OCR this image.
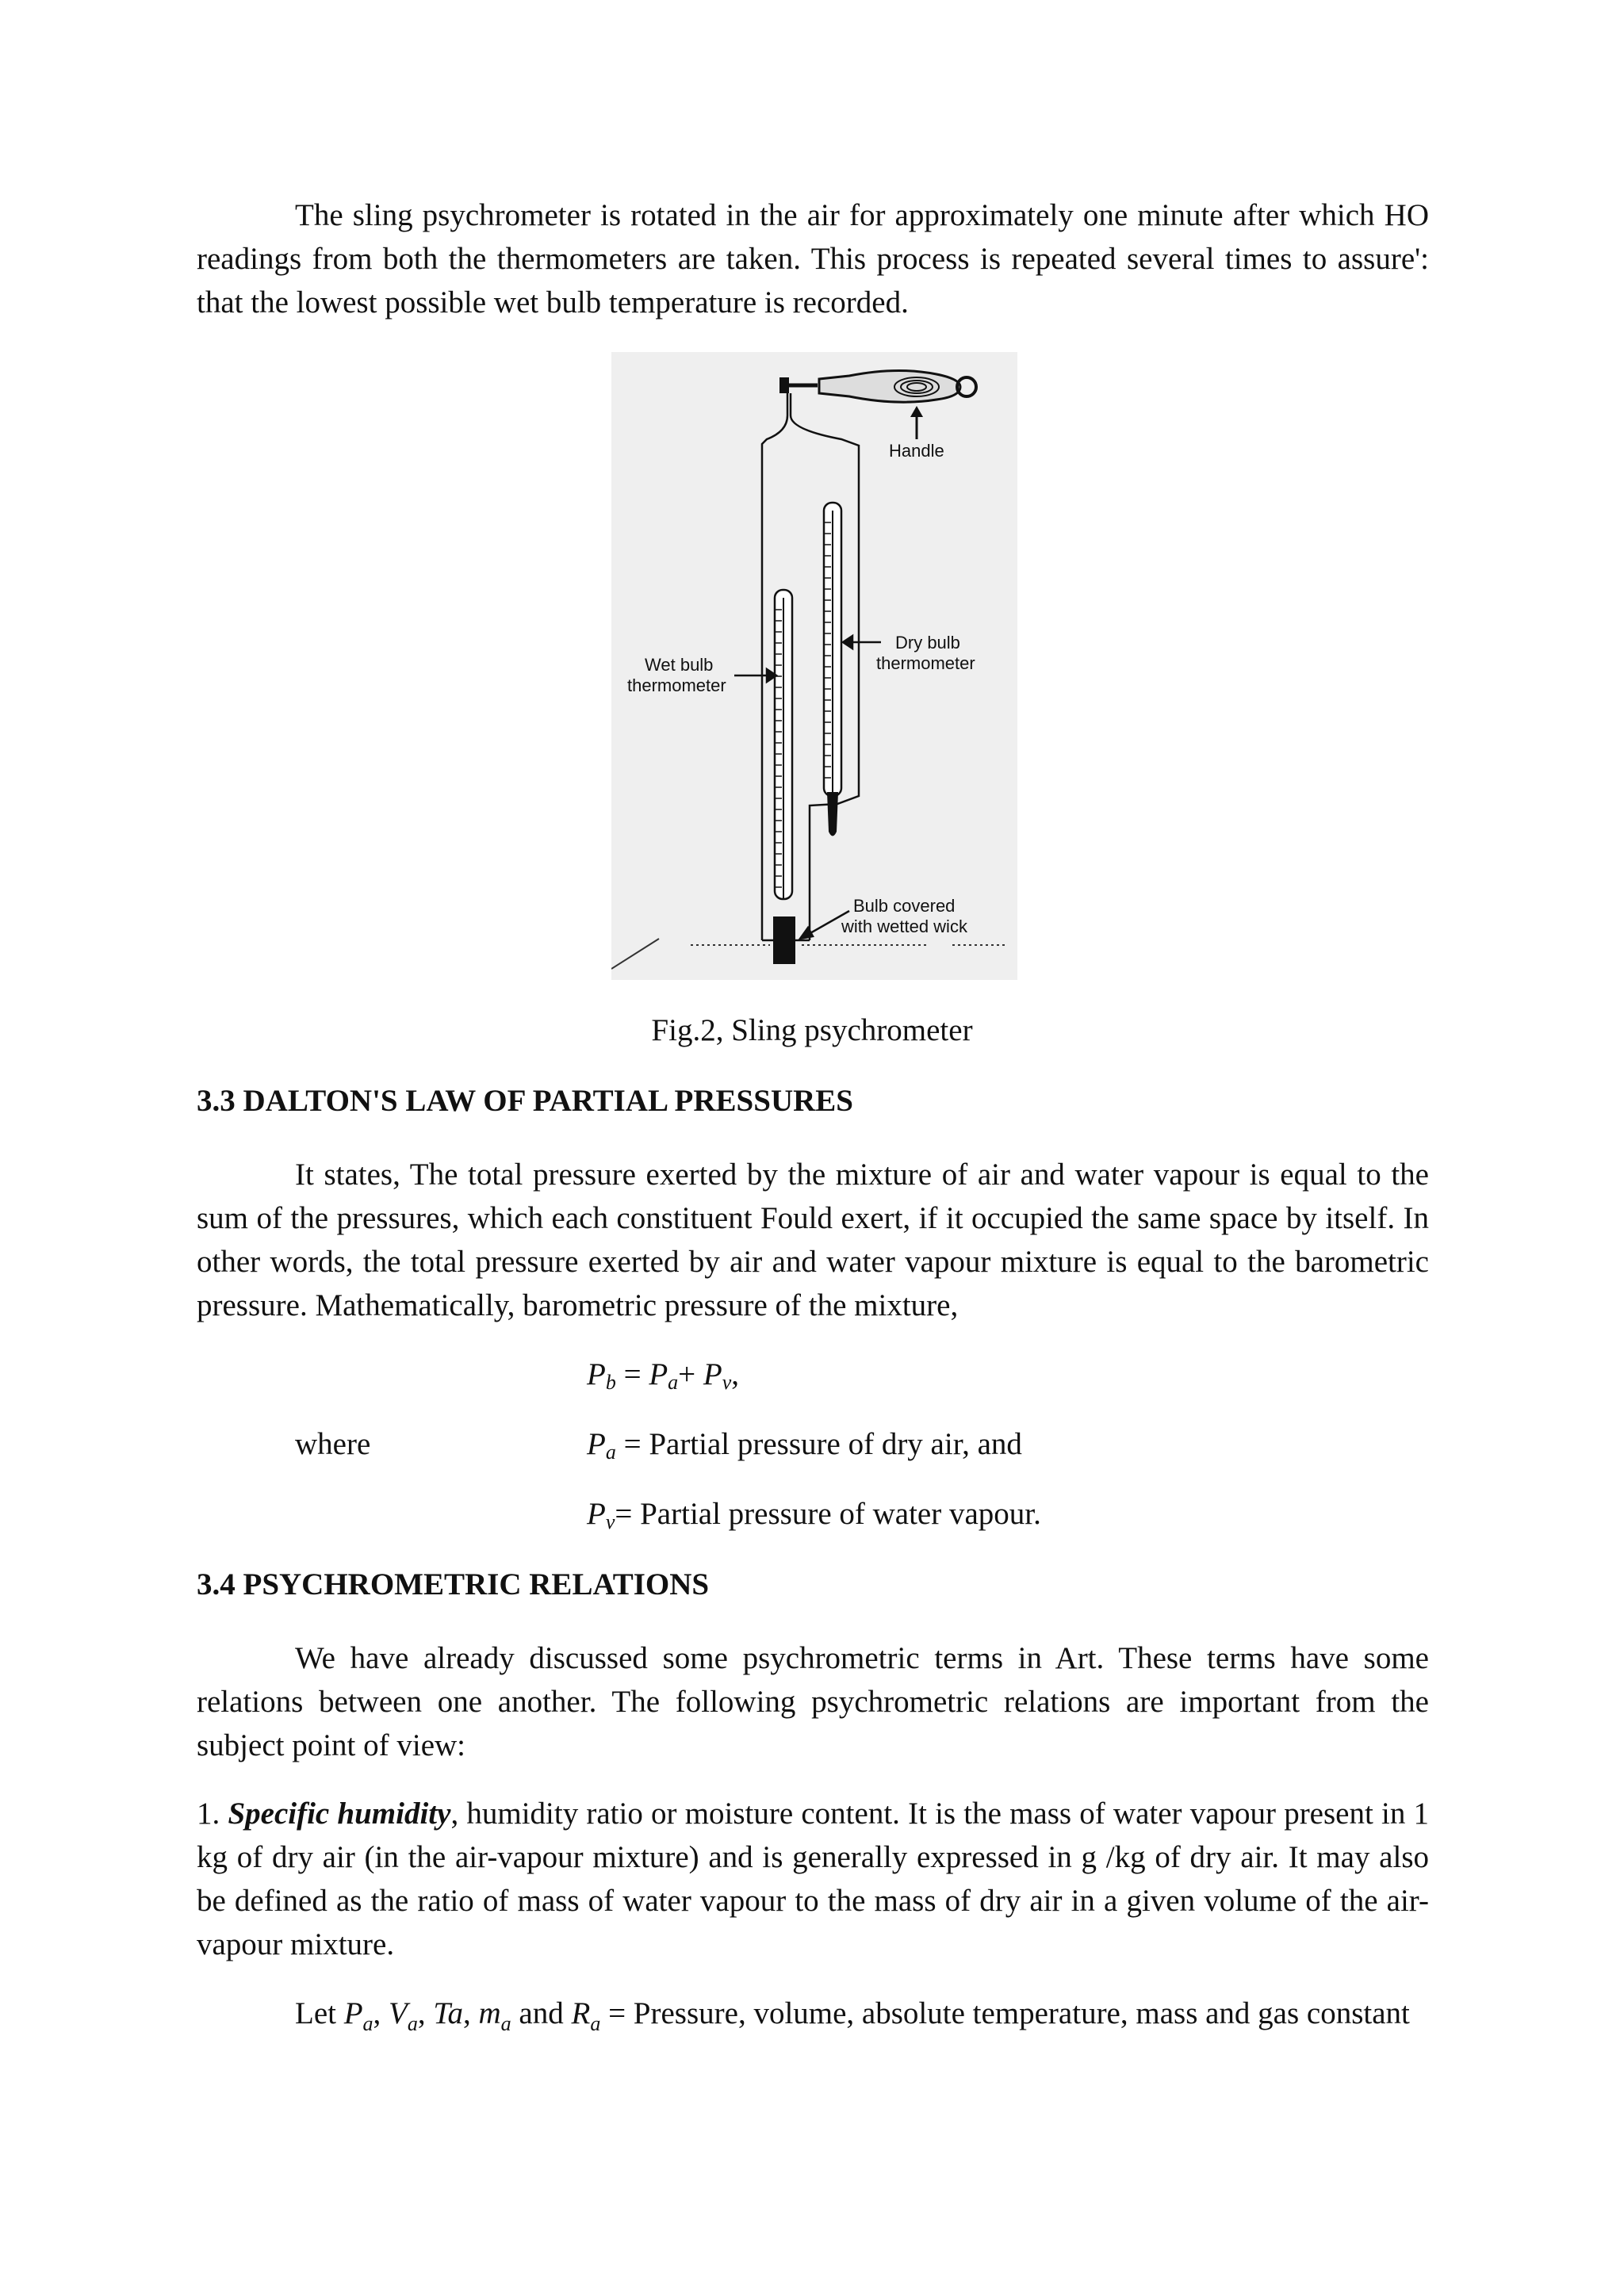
The sling psychrometer is rotated in the air for approximately one minute after which HO readings from both the thermometers are taken. This process is repeated several times to assure': that the lowest possible wet bulb temperature is recorded.

Handle
Dry bulb
thermometer
Wet bulb
thermometer
Bulb covered
with wetted wick
Fig.2, Sling psychrometer
3.3 DALTON'S LAW OF PARTIAL PRESSURES

It states, The total pressure exerted by the mixture of air and water vapour is equal to the sum of the pressures, which each constituent Fould exert, if it occupied the same space by itself. In other words, the total pressure exerted by air and water vapour mixture is equal to the barometric pressure. Mathematically, barometric pressure of the mixture,

$P_b = P_a+ P_v$,
where	$P_a$ = Partial pressure of dry air, and
$P_v=$ Partial pressure of water vapour.
3.4 PSYCHROMETRIC RELATIONS

We have already discussed some psychrometric terms in Art. These terms have some relations between one another. The following psychrometric relations are important from the subject point of view:

1. Specific humidity, humidity ratio or moisture content. It is the mass of water vapour present in 1 kg of dry air (in the air-vapour mixture) and is generally expressed in g /kg of dry air. It may also be defined as the ratio of mass of water vapour to the mass of dry air in a given volume of the air-vapour mixture.

Let $P_a$, $V_a$, Ta, $m_a$ and $R_a$ = Pressure, volume, absolute temperature, mass and gas constant
